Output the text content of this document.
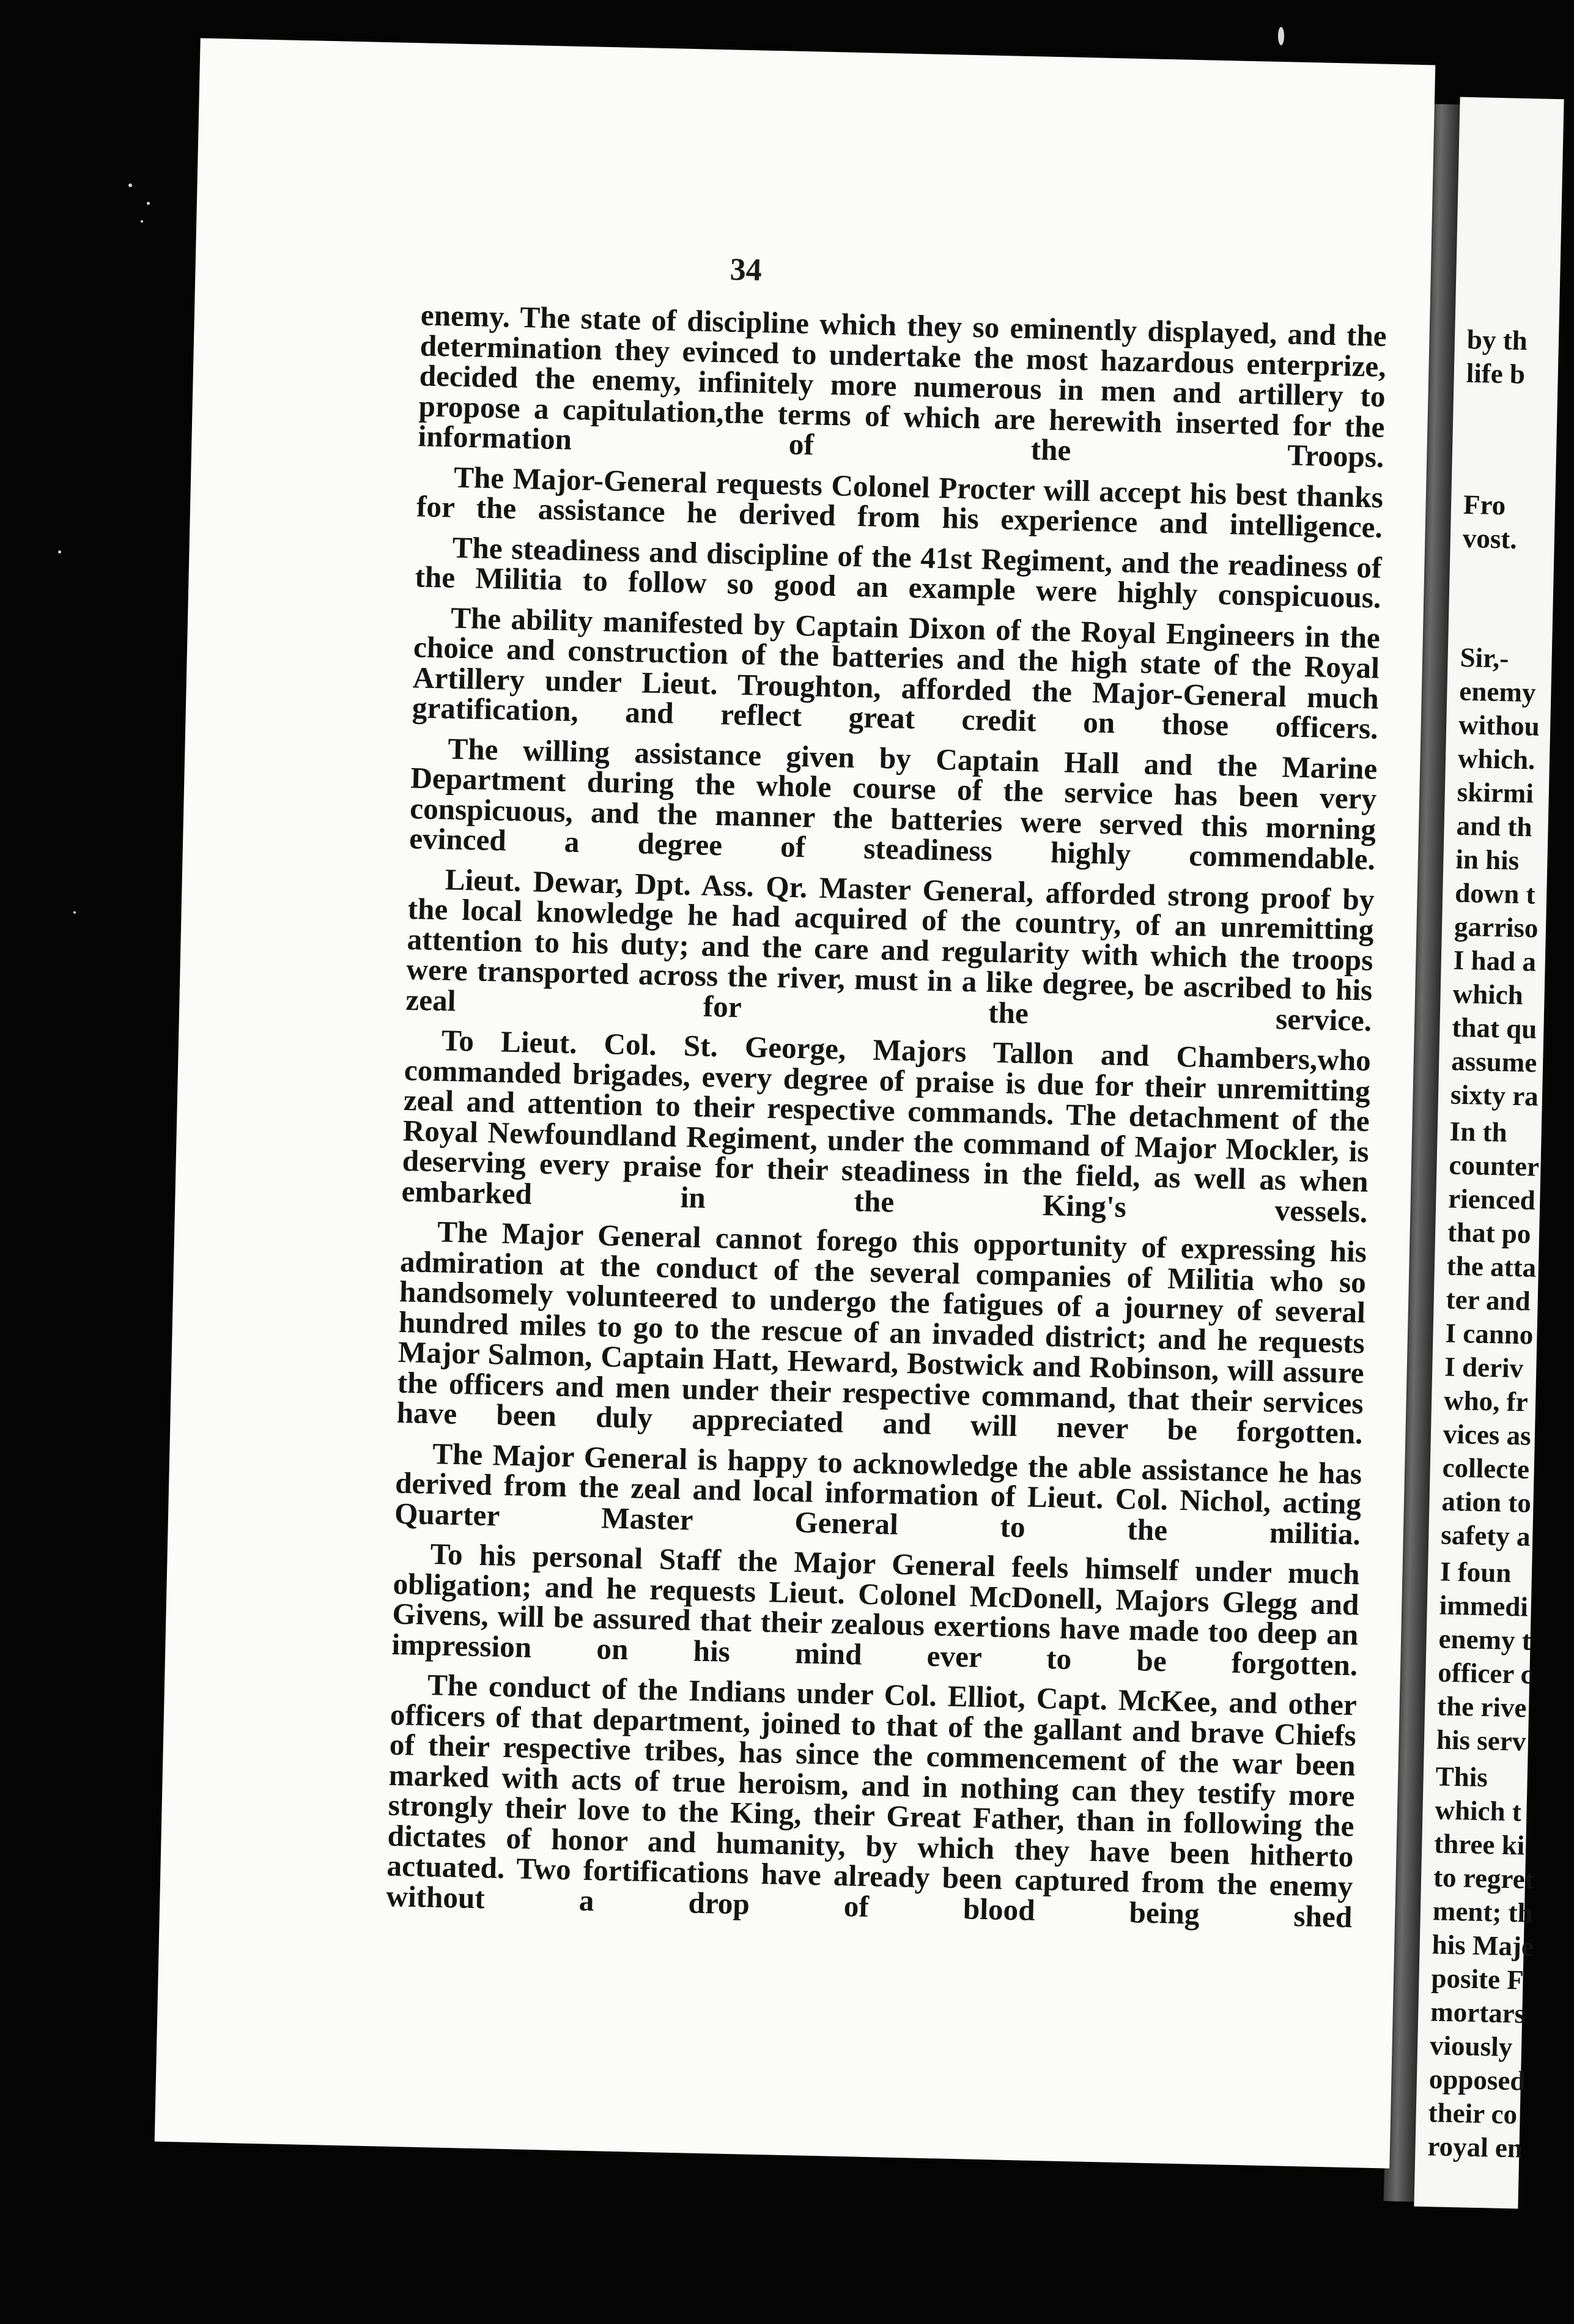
by th
life b
Fro
vost.
Sir,-
enemy
withou
which.
skirmi
and th
in his
down t
garriso
I had a
which
that qu
assume
sixty ra
In th
counter
rienced
that po
the atta
ter and
I canno
I deriv
who, fr
vices as
collecte
ation to
safety a
I foun
immedi
enemy t
officer c
the rive
his serv
This
which t
three ki
to regret
ment; th
his Maje
posite F
mortars
viously
opposed
their co
royal en
34

enemy. The state of discipline which they so eminently displayed, and the determination they evinced to undertake the most hazardous enterprize, decided the enemy, infinitely more numerous in men and artillery to propose a capitulation,the terms of which are herewith inserted for the information of the Troops.

The Major-General requests Colonel Procter will accept his best thanks for the assistance he derived from his experience and intelligence.

The steadiness and discipline of the 41st Regiment, and the readiness of the Militia to follow so good an example were highly conspicuous.

The ability manifested by Captain Dixon of the Royal Engineers in the choice and construction of the batteries and the high state of the Royal Artillery under Lieut. Troughton, afforded the Major-General much gratification, and reflect great credit on those officers.

The willing assistance given by Captain Hall and the Marine Department during the whole course of the service has been very conspicuous, and the manner the batteries were served this morning evinced a degree of steadiness highly commendable.

Lieut. Dewar, Dpt. Ass. Qr. Master General, afforded strong proof by the local knowledge he had acquired of the country, of an unremitting attention to his duty; and the care and regularity with which the troops were transported across the river, must in a like degree, be ascribed to his zeal for the service.

To Lieut. Col. St. George, Majors Tallon and Chambers,who commanded brigades, every degree of praise is due for their unremitting zeal and attention to their respective commands. The detachment of the Royal Newfoundland Regiment, under the command of Major Mockler, is deserving every praise for their steadiness in the field, as well as when embarked in the King's vessels.

The Major General cannot forego this opportunity of expressing his admiration at the conduct of the several companies of Militia who so handsomely volunteered to undergo the fatigues of a journey of several hundred miles to go to the rescue of an invaded district; and he requests Major Salmon, Captain Hatt, Heward, Bostwick and Robinson, will assure the officers and men under their respective command, that their services have been duly appreciated and will never be forgotten.

The Major General is happy to acknowledge the able assistance he has derived from the zeal and local information of Lieut. Col. Nichol, acting Quarter Master General to the militia.

To his personal Staff the Major General feels himself under much obligation; and he requests Lieut. Colonel McDonell, Majors Glegg and Givens, will be assured that their zealous exertions have made too deep an impression on his mind ever to be forgotten.

The conduct of the Indians under Col. Elliot, Capt. McKee, and other officers of that department, joined to that of the gallant and brave Chiefs of their respective tribes, has since the commencement of the war been marked with acts of true heroism, and in nothing can they testify more strongly their love to the King, their Great Father, than in following the dictates of honor and humanity, by which they have been hitherto actuated. Two fortifications have already been captured from the enemy without a drop of blood being shed
